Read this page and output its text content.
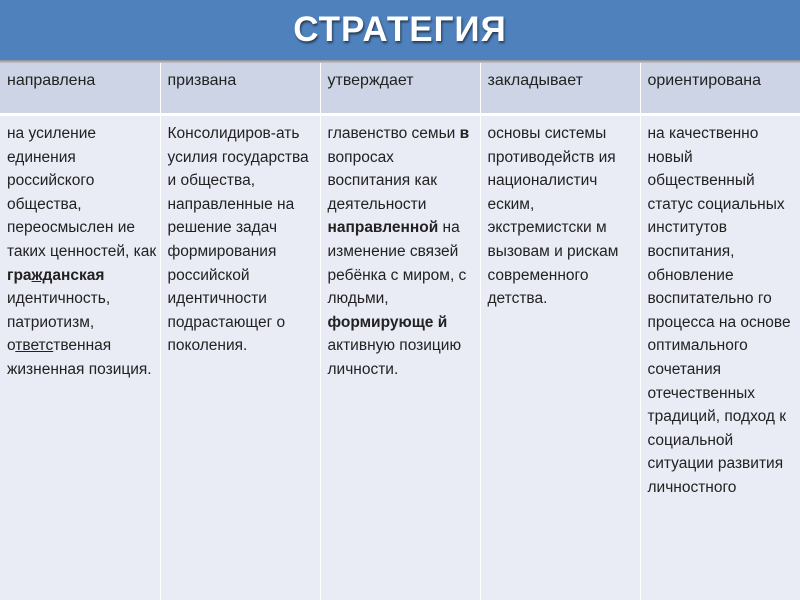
СТРАТЕГИЯ
направлена	призвана	утверждает	закладывает	ориентирована

на усиление единения российского общества, переосмыслен ие таких ценностей, как гражданская идентичность, патриотизм, ответственная жизненная позиция.	Консолидиров-ать усилия государства и общества, направленные на решение задач формирования российской идентичности подрастающег о поколения.	главенство семьи в вопросах воспитания как деятельности направленной на изменение связей ребёнка с миром, с людьми, формирующе й активную позицию личности.	основы системы противодейств ия националистич еским, экстремистски м вызовам и рискам современного детства.	на качественно новый общественный статус социальных институтов воспитания, обновление воспитательно го процесса на основе оптимального сочетания отечественных традиций, подход к социальной ситуации развития личностного
